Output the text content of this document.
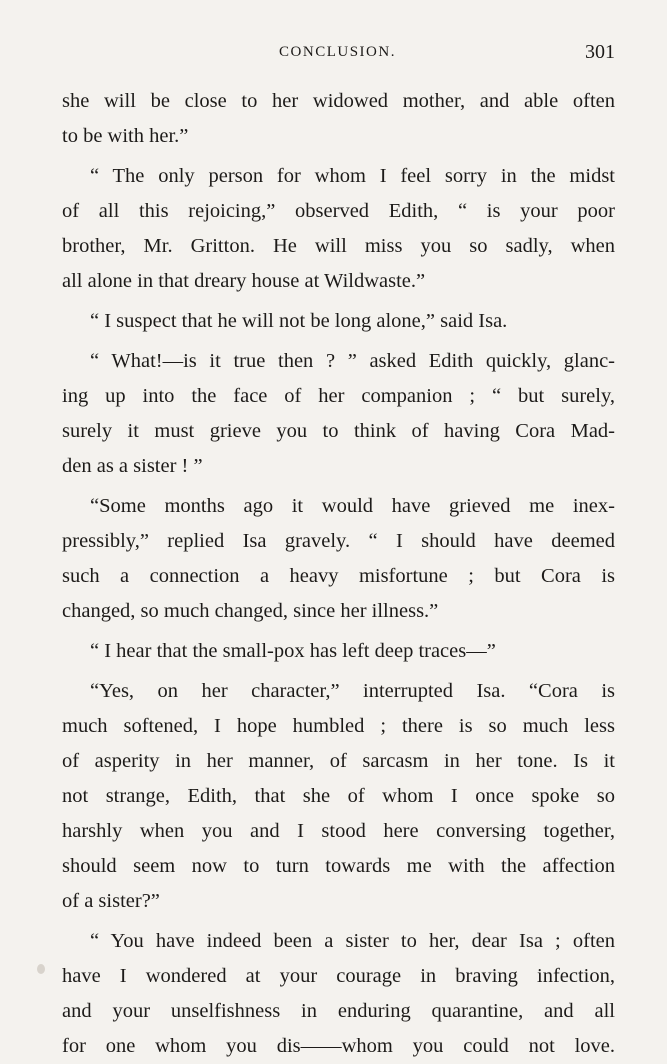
CONCLUSION.	301
she will be close to her widowed mother, and able often
to be with her.”
“ The only person for whom I feel sorry in the midst
of all this rejoicing,” observed Edith, “ is your poor
brother, Mr. Gritton. He will miss you so sadly, when
all alone in that dreary house at Wildwaste.”
“ I suspect that he will not be long alone,” said Isa.
“ What!—is it true then ? ” asked Edith quickly, glanc-
ing up into the face of her companion ; “ but surely,
surely it must grieve you to think of having Cora Mad-
den as a sister ! ”
“Some months ago it would have grieved me inex-
pressibly,” replied Isa gravely. “ I should have deemed
such a connection a heavy misfortune ; but Cora is
changed, so much changed, since her illness.”
“ I hear that the small-pox has left deep traces—”
“Yes, on her character,” interrupted Isa. “Cora is
much softened, I hope humbled ; there is so much less
of asperity in her manner, of sarcasm in her tone. Is it
not strange, Edith, that she of whom I once spoke so
harshly when you and I stood here conversing together,
should seem now to turn towards me with the affection
of a sister?”
“ You have indeed been a sister to her, dear Isa ; often
have I wondered at your courage in braving infection,
and your unselfishness in enduring quarantine, and all
for one whom you dis——whom you could not love.
